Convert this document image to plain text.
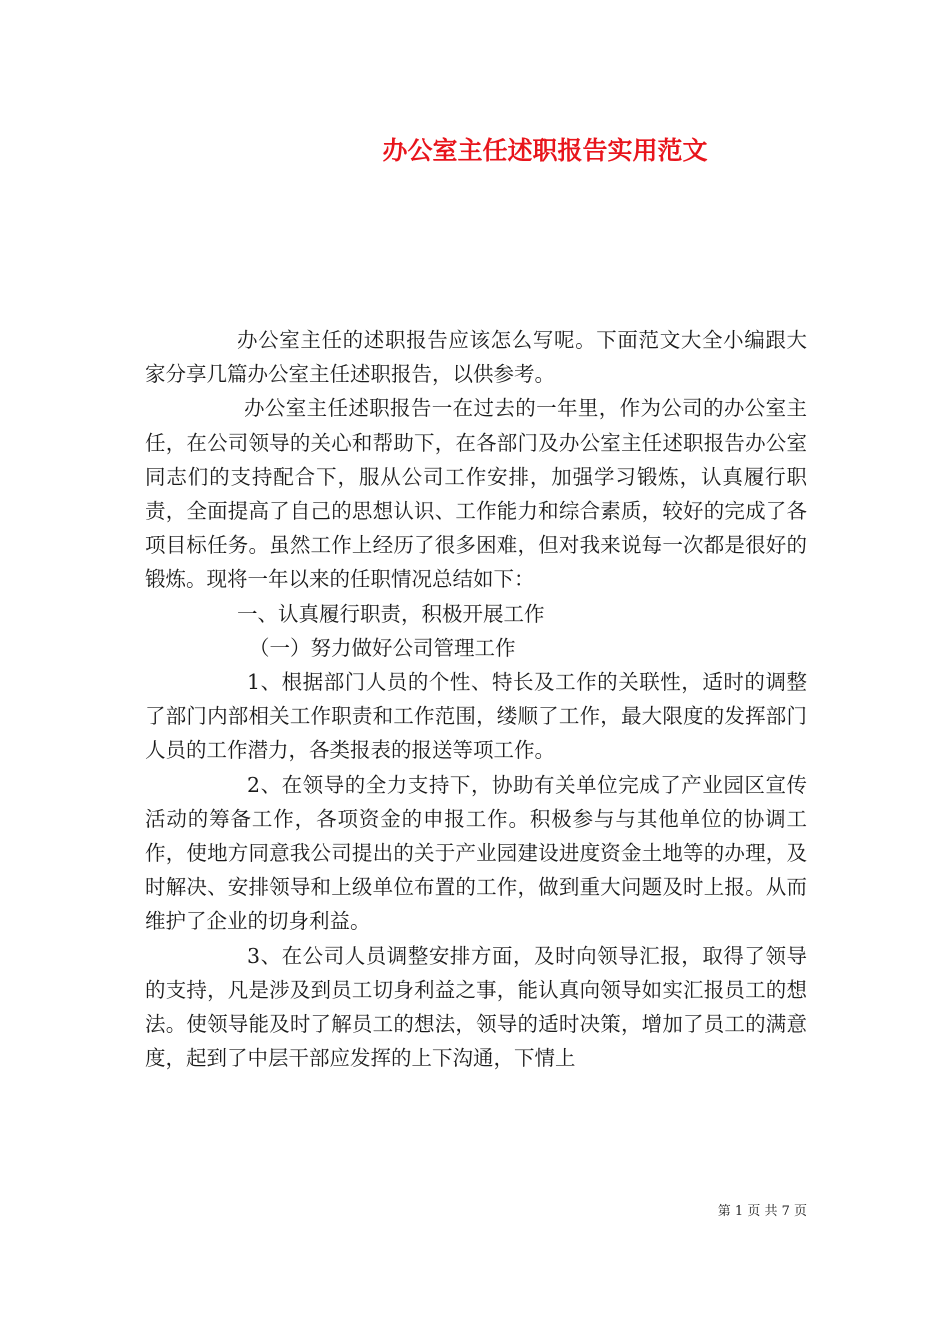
办公室主任述职报告实用范文

办公室主任的述职报告应该怎么写呢。下面范文大全小编跟大家分享几篇办公室主任述职报告，以供参考。

办公室主任述职报告一在过去的一年里，作为公司的办公室主任，在公司领导的关心和帮助下，在各部门及办公室主任述职报告办公室同志们的支持配合下，服从公司工作安排，加强学习锻炼，认真履行职责，全面提高了自己的思想认识、工作能力和综合素质，较好的完成了各项目标任务。虽然工作上经历了很多困难，但对我来说每一次都是很好的锻炼。现将一年以来的任职情况总结如下：

一、认真履行职责，积极开展工作

（一）努力做好公司管理工作

1、根据部门人员的个性、特长及工作的关联性，适时的调整了部门内部相关工作职责和工作范围，缕顺了工作，最大限度的发挥部门人员的工作潜力，各类报表的报送等项工作。

2、在领导的全力支持下，协助有关单位完成了产业园区宣传活动的筹备工作，各项资金的申报工作。积极参与与其他单位的协调工作，使地方同意我公司提出的关于产业园建设进度资金土地等的办理，及时解决、安排领导和上级单位布置的工作，做到重大问题及时上报。从而维护了企业的切身利益。

3、在公司人员调整安排方面，及时向领导汇报，取得了领导的支持，凡是涉及到员工切身利益之事，能认真向领导如实汇报员工的想法。使领导能及时了解员工的想法，领导的适时决策，增加了员工的满意度，起到了中层干部应发挥的上下沟通，下情上

第 1 页 共 7 页
